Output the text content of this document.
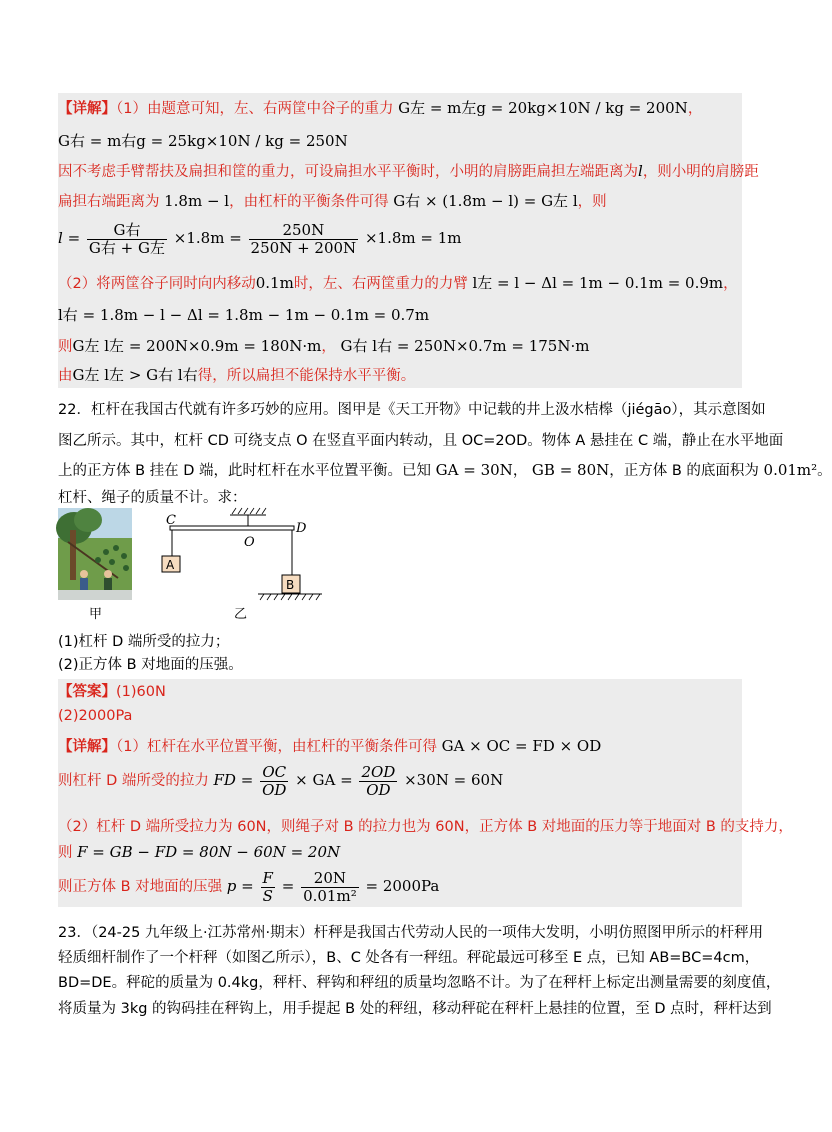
【详解】（1）由题意可知，左、右两筐中谷子的重力 G左 = m左g = 20kg×10N / kg = 200N，
G右 = m右g = 25kg×10N / kg = 250N
因不考虑手臂帮扶及扁担和筐的重力，可设扁担水平平衡时，小明的肩膀距扁担左端距离为l，则小明的肩膀距
扁担右端距离为 1.8m − l，由杠杆的平衡条件可得 G右 × (1.8m − l) = G左 l，则
$l = \frac{\text{G右}}{\text{G右 + G左}} \times 1.8m = \frac{250N}{250N + 200N} \times 1.8m = 1m$
（2）将两筐谷子同时向内移动0.1m时，左、右两筐重力的力臂 l左 = l − Δl = 1m − 0.1m = 0.9m，
l右 = 1.8m − l − Δl = 1.8m − 1m − 0.1m = 0.7m
则G左 l左 = 200N×0.9m = 180N·m， G右 l右 = 250N×0.7m = 175N·m
由G左 l左 > G右 l右得，所以扁担不能保持水平平衡。
22．杠杆在我国古代就有许多巧妙的应用。图甲是《天工开物》中记载的井上汲水桔槔（jiégāo），其示意图如
图乙所示。其中，杠杆 CD 可绕支点 O 在竖直平面内转动，且 OC=2OD。物体 A 悬挂在 C 端，静止在水平地面
上的正方体 B 挂在 D 端，此时杠杆在水平位置平衡。已知 GA = 30N， GB = 80N，正方体 B 的底面积为 0.01m²。
杠杆、绳子的质量不计。求：
甲
C
D
O
A
B
乙
(1)杠杆 D 端所受的拉力；
(2)正方体 B 对地面的压强。
【答案】(1)60N
(2)2000Pa
【详解】（1）杠杆在水平位置平衡，由杠杆的平衡条件可得 GA × OC = FD × OD
则杠杆 D 端所受的拉力 FD = $\frac{OC}{OD}$ × GA = $\frac{2OD}{OD} \times 30N = 60N$
（2）杠杆 D 端所受拉力为 60N，则绳子对 B 的拉力也为 60N，正方体 B 对地面的压力等于地面对 B 的支持力，
则 F = GB − FD = 80N − 60N = 20N
则正方体 B 对地面的压强 $p = \frac{F}{S} = \frac{20N}{\text{0.01m²}} = 2000Pa$
23．（24-25 九年级上·江苏常州·期末）杆秤是我国古代劳动人民的一项伟大发明，小明仿照图甲所示的杆秤用
轻质细杆制作了一个杆秤（如图乙所示），B、C 处各有一秤纽。秤砣最远可移至 E 点，已知 AB=BC=4cm，
BD=DE。秤砣的质量为 0.4kg，秤杆、秤钩和秤纽的质量均忽略不计。为了在秤杆上标定出测量需要的刻度值，
将质量为 3kg 的钩码挂在秤钩上，用手提起 B 处的秤纽，移动秤砣在秤杆上悬挂的位置，至 D 点时，秤杆达到
